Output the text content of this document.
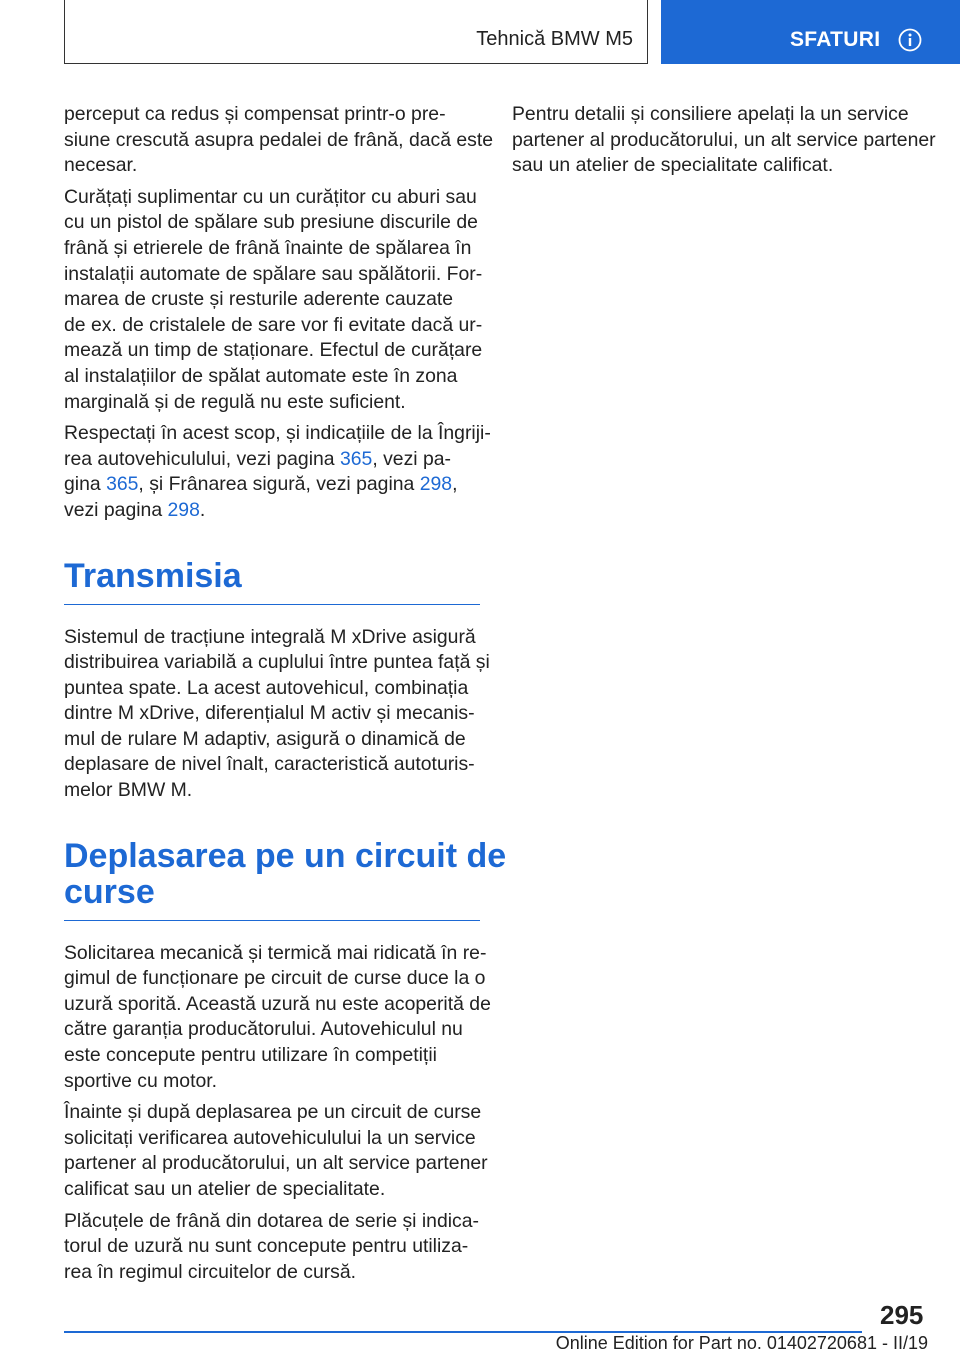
Tehnică BMW M5	SFATURI

perceput ca redus și compensat printr-o pre‐
siune crescută asupra pedalei de frână, dacă este
necesar.

Curățați suplimentar cu un curățitor cu aburi sau
cu un pistol de spălare sub presiune discurile de
frână și etrierele de frână înainte de spălarea în
instalații automate de spălare sau spălătorii. For‐
marea de cruste și resturile aderente cauzate
de ex. de cristalele de sare vor fi evitate dacă ur‐
mează un timp de staționare. Efectul de curățare
al instalațiilor de spălat automate este în zona
marginală și de regulă nu este suficient.

Respectați în acest scop, și indicațiile de la Îngriji‐
rea autovehiculului, vezi pagina 365, vezi pa‐
gina 365, și Frânarea sigură, vezi pagina 298,
vezi pagina 298.

Transmisia

Sistemul de tracțiune integrală M xDrive asigură
distribuirea variabilă a cuplului între puntea față și
puntea spate. La acest autovehicul, combinația
dintre M xDrive, diferențialul M activ și mecanis‐
mul de rulare M adaptiv, asigură o dinamică de
deplasare de nivel înalt, caracteristică autoturis‐
melor BMW M.

Deplasarea pe un circuit de
curse

Solicitarea mecanică și termică mai ridicată în re‐
gimul de funcționare pe circuit de curse duce la o
uzură sporită. Această uzură nu este acoperită de
către garanția producătorului. Autovehiculul nu
este concepute pentru utilizare în competiții
sportive cu motor.

Înainte și după deplasarea pe un circuit de curse
solicitați verificarea autovehiculului la un service
partener al producătorului, un alt service partener
calificat sau un atelier de specialitate.

Plăcuțele de frână din dotarea de serie și indica‐
torul de uzură nu sunt concepute pentru utiliza‐
rea în regimul circuitelor de cursă.

Pentru detalii și consiliere apelați la un service
partener al producătorului, un alt service partener
sau un atelier de specialitate calificat.

295
Online Edition for Part no. 01402720681 - II/19
